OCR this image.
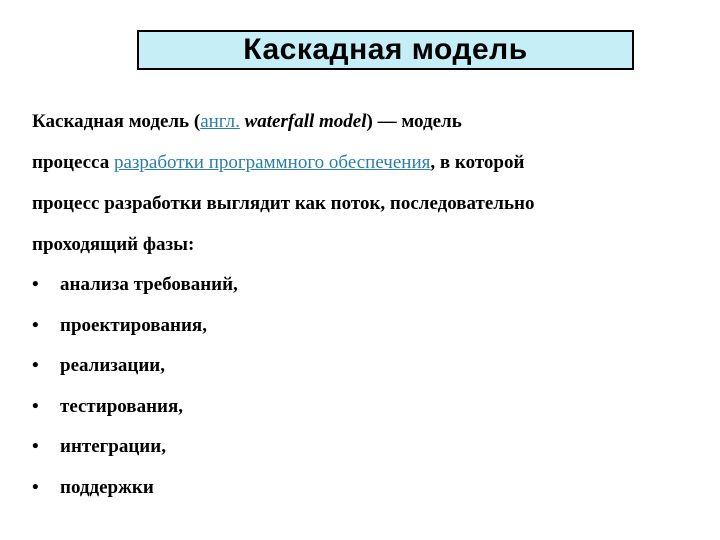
Каскадная модель

Каскадная модель (англ. waterfall model) — модель
процесса разработки программного обеспечения, в которой
процесс разработки выглядит как поток, последовательно
проходящий фазы:

•	анализа требований,
•	проектирования,
•	реализации,
•	тестирования,
•	интеграции,
•	поддержки
